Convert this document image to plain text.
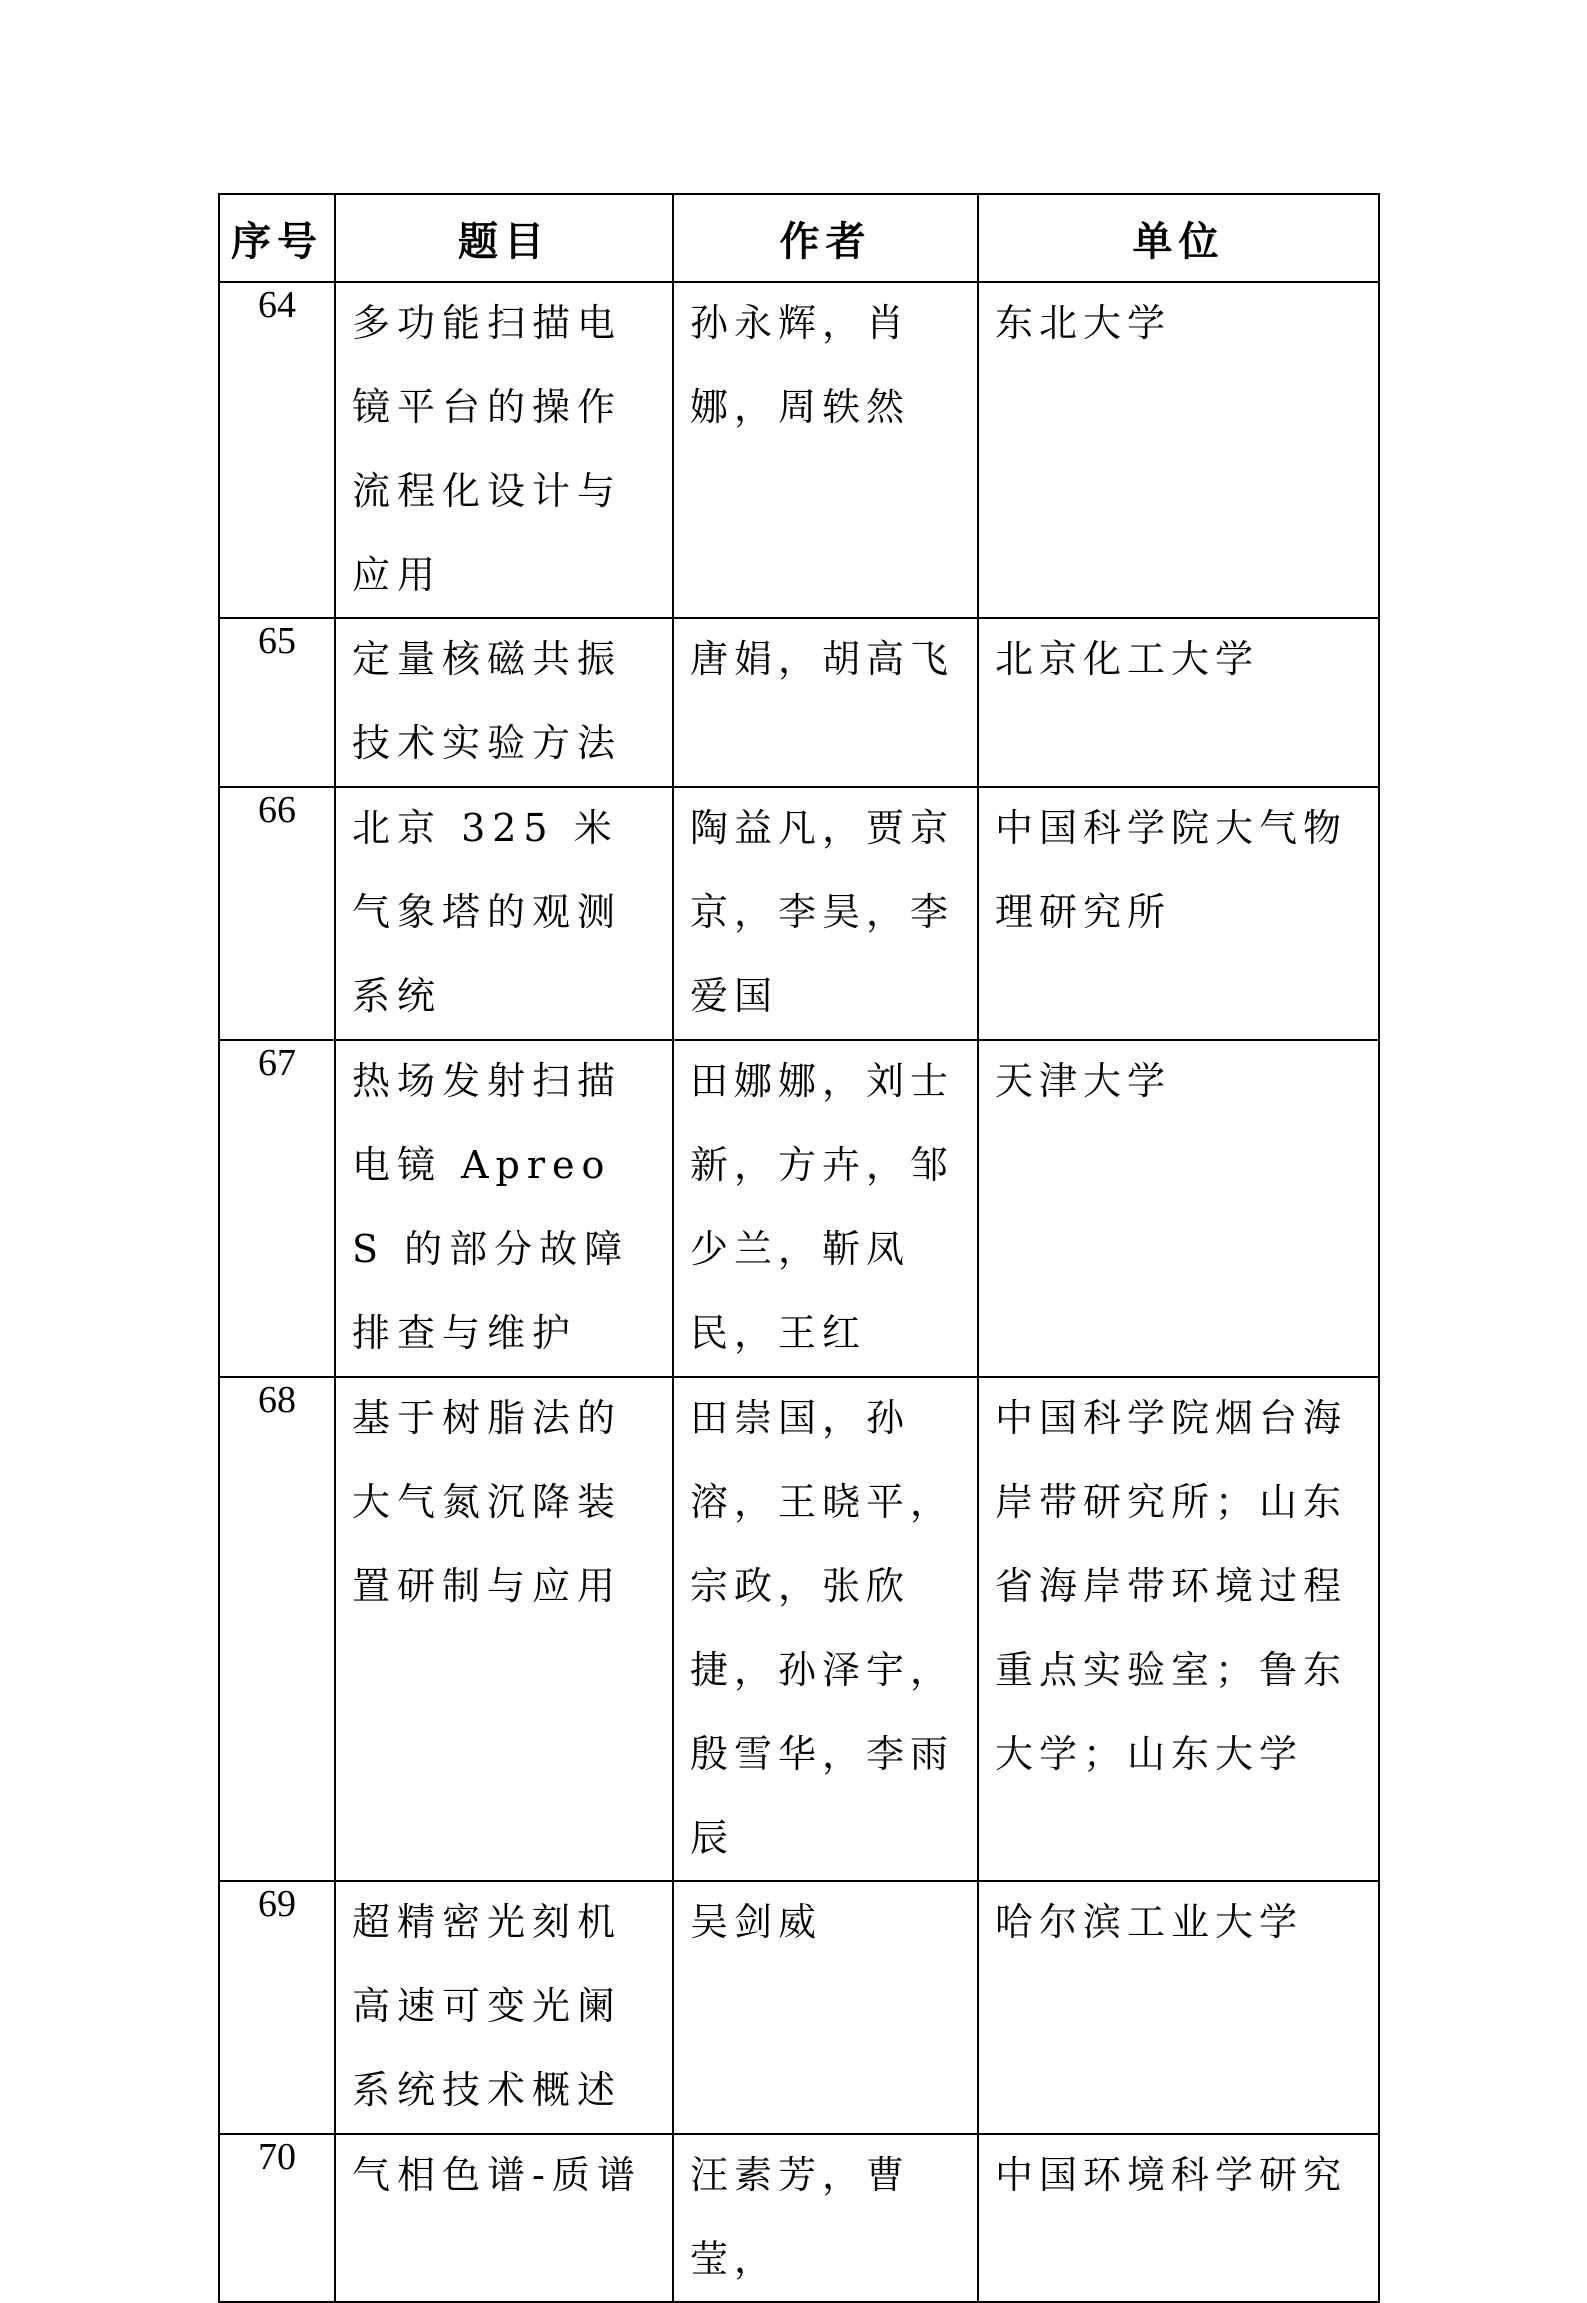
序号	题目	作者	单位
64	多功能扫描电镜平台的操作流程化设计与应用	孙永辉，肖娜，周轶然	东北大学

65	定量核磁共振技术实验方法	唐娟，胡高飞	北京化工大学

66	北京 325 米气象塔的观测系统	陶益凡，贾京京，李昊，李爱国	中国科学院大气物理研究所

67	热场发射扫描电镜 Apreo S 的部分故障排查与维护	田娜娜，刘士新，方卉，邹少兰，靳凤民，王红	天津大学

68	基于树脂法的大气氮沉降装置研制与应用	田崇国，孙溶，王晓平，宗政，张欣捷，孙泽宇，殷雪华，李雨辰	中国科学院烟台海岸带研究所；山东省海岸带环境过程重点实验室；鲁东大学；山东大学

69	超精密光刻机高速可变光阑系统技术概述	吴剑威	哈尔滨工业大学

70	气相色谱-质谱	汪素芳，曹莹，	中国环境科学研究
